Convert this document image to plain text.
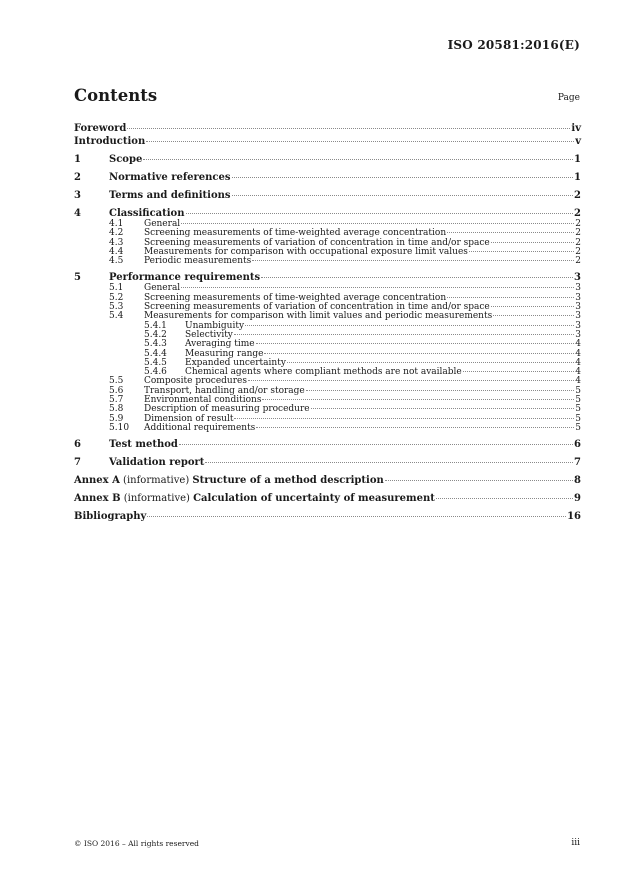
ISO 20581:2016(E)
Contents	Page
Foreword	iv
Introduction	v
1	Scope	1
2	Normative references	1
3	Terms and definitions	2
4	Classification	2
4.1	General	2
4.2	Screening measurements of time-weighted average concentration	2
4.3	Screening measurements of variation of concentration in time and/or space	2
4.4	Measurements for comparison with occupational exposure limit values	2
4.5	Periodic measurements	2
5	Performance requirements	3
5.1	General	3
5.2	Screening measurements of time-weighted average concentration	3
5.3	Screening measurements of variation of concentration in time and/or space	3
5.4	Measurements for comparison with limit values and periodic measurements	3
5.4.1	Unambiguity	3
5.4.2	Selectivity	3
5.4.3	Averaging time	4
5.4.4	Measuring range	4
5.4.5	Expanded uncertainty	4
5.4.6	Chemical agents where compliant methods are not available	4
5.5	Composite procedures	4
5.6	Transport, handling and/or storage	5
5.7	Environmental conditions	5
5.8	Description of measuring procedure	5
5.9	Dimension of result	5
5.10	Additional requirements	5
6	Test method	6
7	Validation report	7
Annex A (informative) Structure of a method description	8
Annex B (informative) Calculation of uncertainty of measurement	9
Bibliography	16
© ISO 2016 – All rights reserved	iii
